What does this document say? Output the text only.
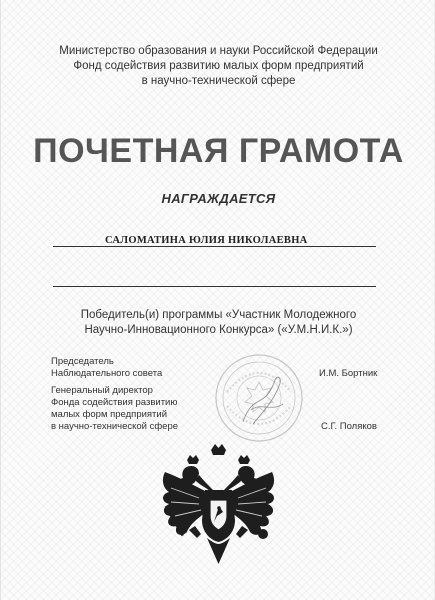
Министерство образования и науки Российской Федерации
Фонд содействия развитию малых форм предприятий
в научно-технической сфере
ПОЧЕТНАЯ ГРАМОТА
НАГРАЖДАЕТСЯ
САЛОМАТИНА ЮЛИЯ НИКОЛАЕВНА
Победитель(и) программы «Участник Молодежного
Научно-Инновационного Конкурса» («У.М.Н.И.К.»)
Председатель
Наблюдательного совета	И.М. Бортник
Генеральный директор
Фонда содействия развитию
малых форм предприятий
в научно-технической сфере	С.Г. Поляков
